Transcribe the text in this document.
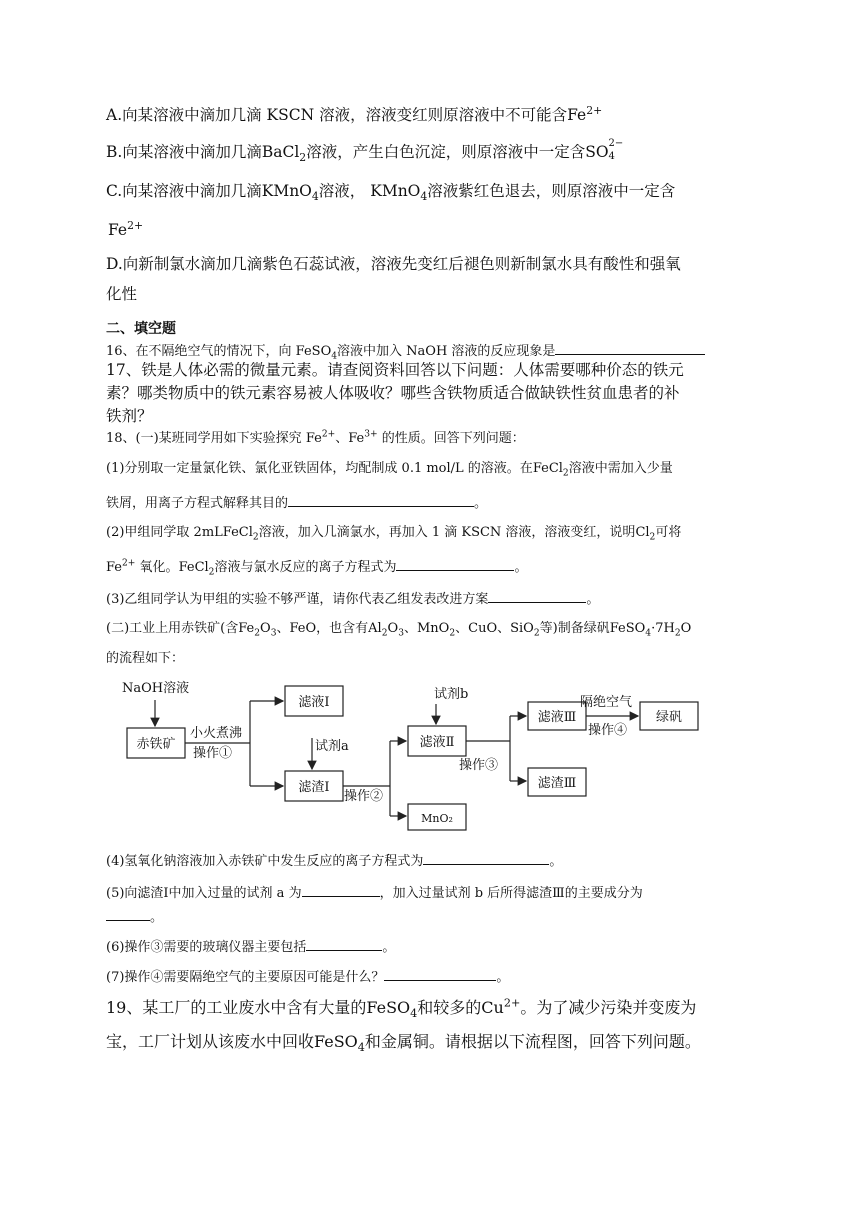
A.向某溶液中滴加几滴 KSCN 溶液，溶液变红则原溶液中不可能含$Fe^{2+}$
B.向某溶液中滴加几滴BaCl$_2$溶液，产生白色沉淀，则原溶液中一定含SO 2−
4
C.向某溶液中滴加几滴KMnO$_4$溶液， KMnO$_4$溶液紫红色退去，则原溶液中一定含
$Fe^{2+}$
D.向新制氯水滴加几滴紫色石蕊试液，溶液先变红后褪色则新制氯水具有酸性和强氧
化性
二、填空题
16、在不隔绝空气的情况下，向 FeSO$_4$溶液中加入 NaOH 溶液的反应现象是
17、铁是人体必需的微量元素。请查阅资料回答以下问题：人体需要哪种价态的铁元
素？哪类物质中的铁元素容易被人体吸收？哪些含铁物质适合做缺铁性贫血患者的补
铁剂？
18、(一)某班同学用如下实验探究 $Fe^{2+}$、$Fe^{3+}$ 的性质。回答下列问题：
(1)分别取一定量氯化铁、氯化亚铁固体，均配制成 0.1 mol/L 的溶液。在FeCl$_2$溶液中需加入少量
铁屑，用离子方程式解释其目的	。
(2)甲组同学取 2mLFeCl$_2$溶液，加入几滴氯水，再加入 1 滴 KSCN 溶液，溶液变红，说明$Cl_2$可将
$Fe^{2+}$ 氧化。FeCl$_2$溶液与氯水反应的离子方程式为	。
(3)乙组同学认为甲组的实验不够严谨，请你代表乙组发表改进方案	。
(二)工业上用赤铁矿(含$Fe_2O_3$、FeO，也含有$Al_2O_3$、MnO$_2$、CuO、SiO$_2$等)制备绿矾$FeSO_4\cdot 7H_2O$
的流程如下：
NaOH溶液
赤铁矿
小火煮沸
操作①
滤液Ⅰ
试剂a
滤渣Ⅰ
操作②
滤液Ⅱ
MnO₂
试剂b
操作③
滤液Ⅲ
滤渣Ⅲ
隔绝空气
操作④
绿矾
(4)氢氧化钠溶液加入赤铁矿中发生反应的离子方程式为	。
(5)向滤渣Ⅰ中加入过量的试剂 a 为	，加入过量试剂 b 后所得滤渣Ⅲ的主要成分为
。
(6)操作③需要的玻璃仪器主要包括	。
(7)操作④需要隔绝空气的主要原因可能是什么？	。
19、某工厂的工业废水中含有大量的FeSO$_4$和较多的$Cu^{2+}$。为了减少污染并变废为
宝，工厂计划从该废水中回收FeSO$_4$和金属铜。请根据以下流程图，回答下列问题。
